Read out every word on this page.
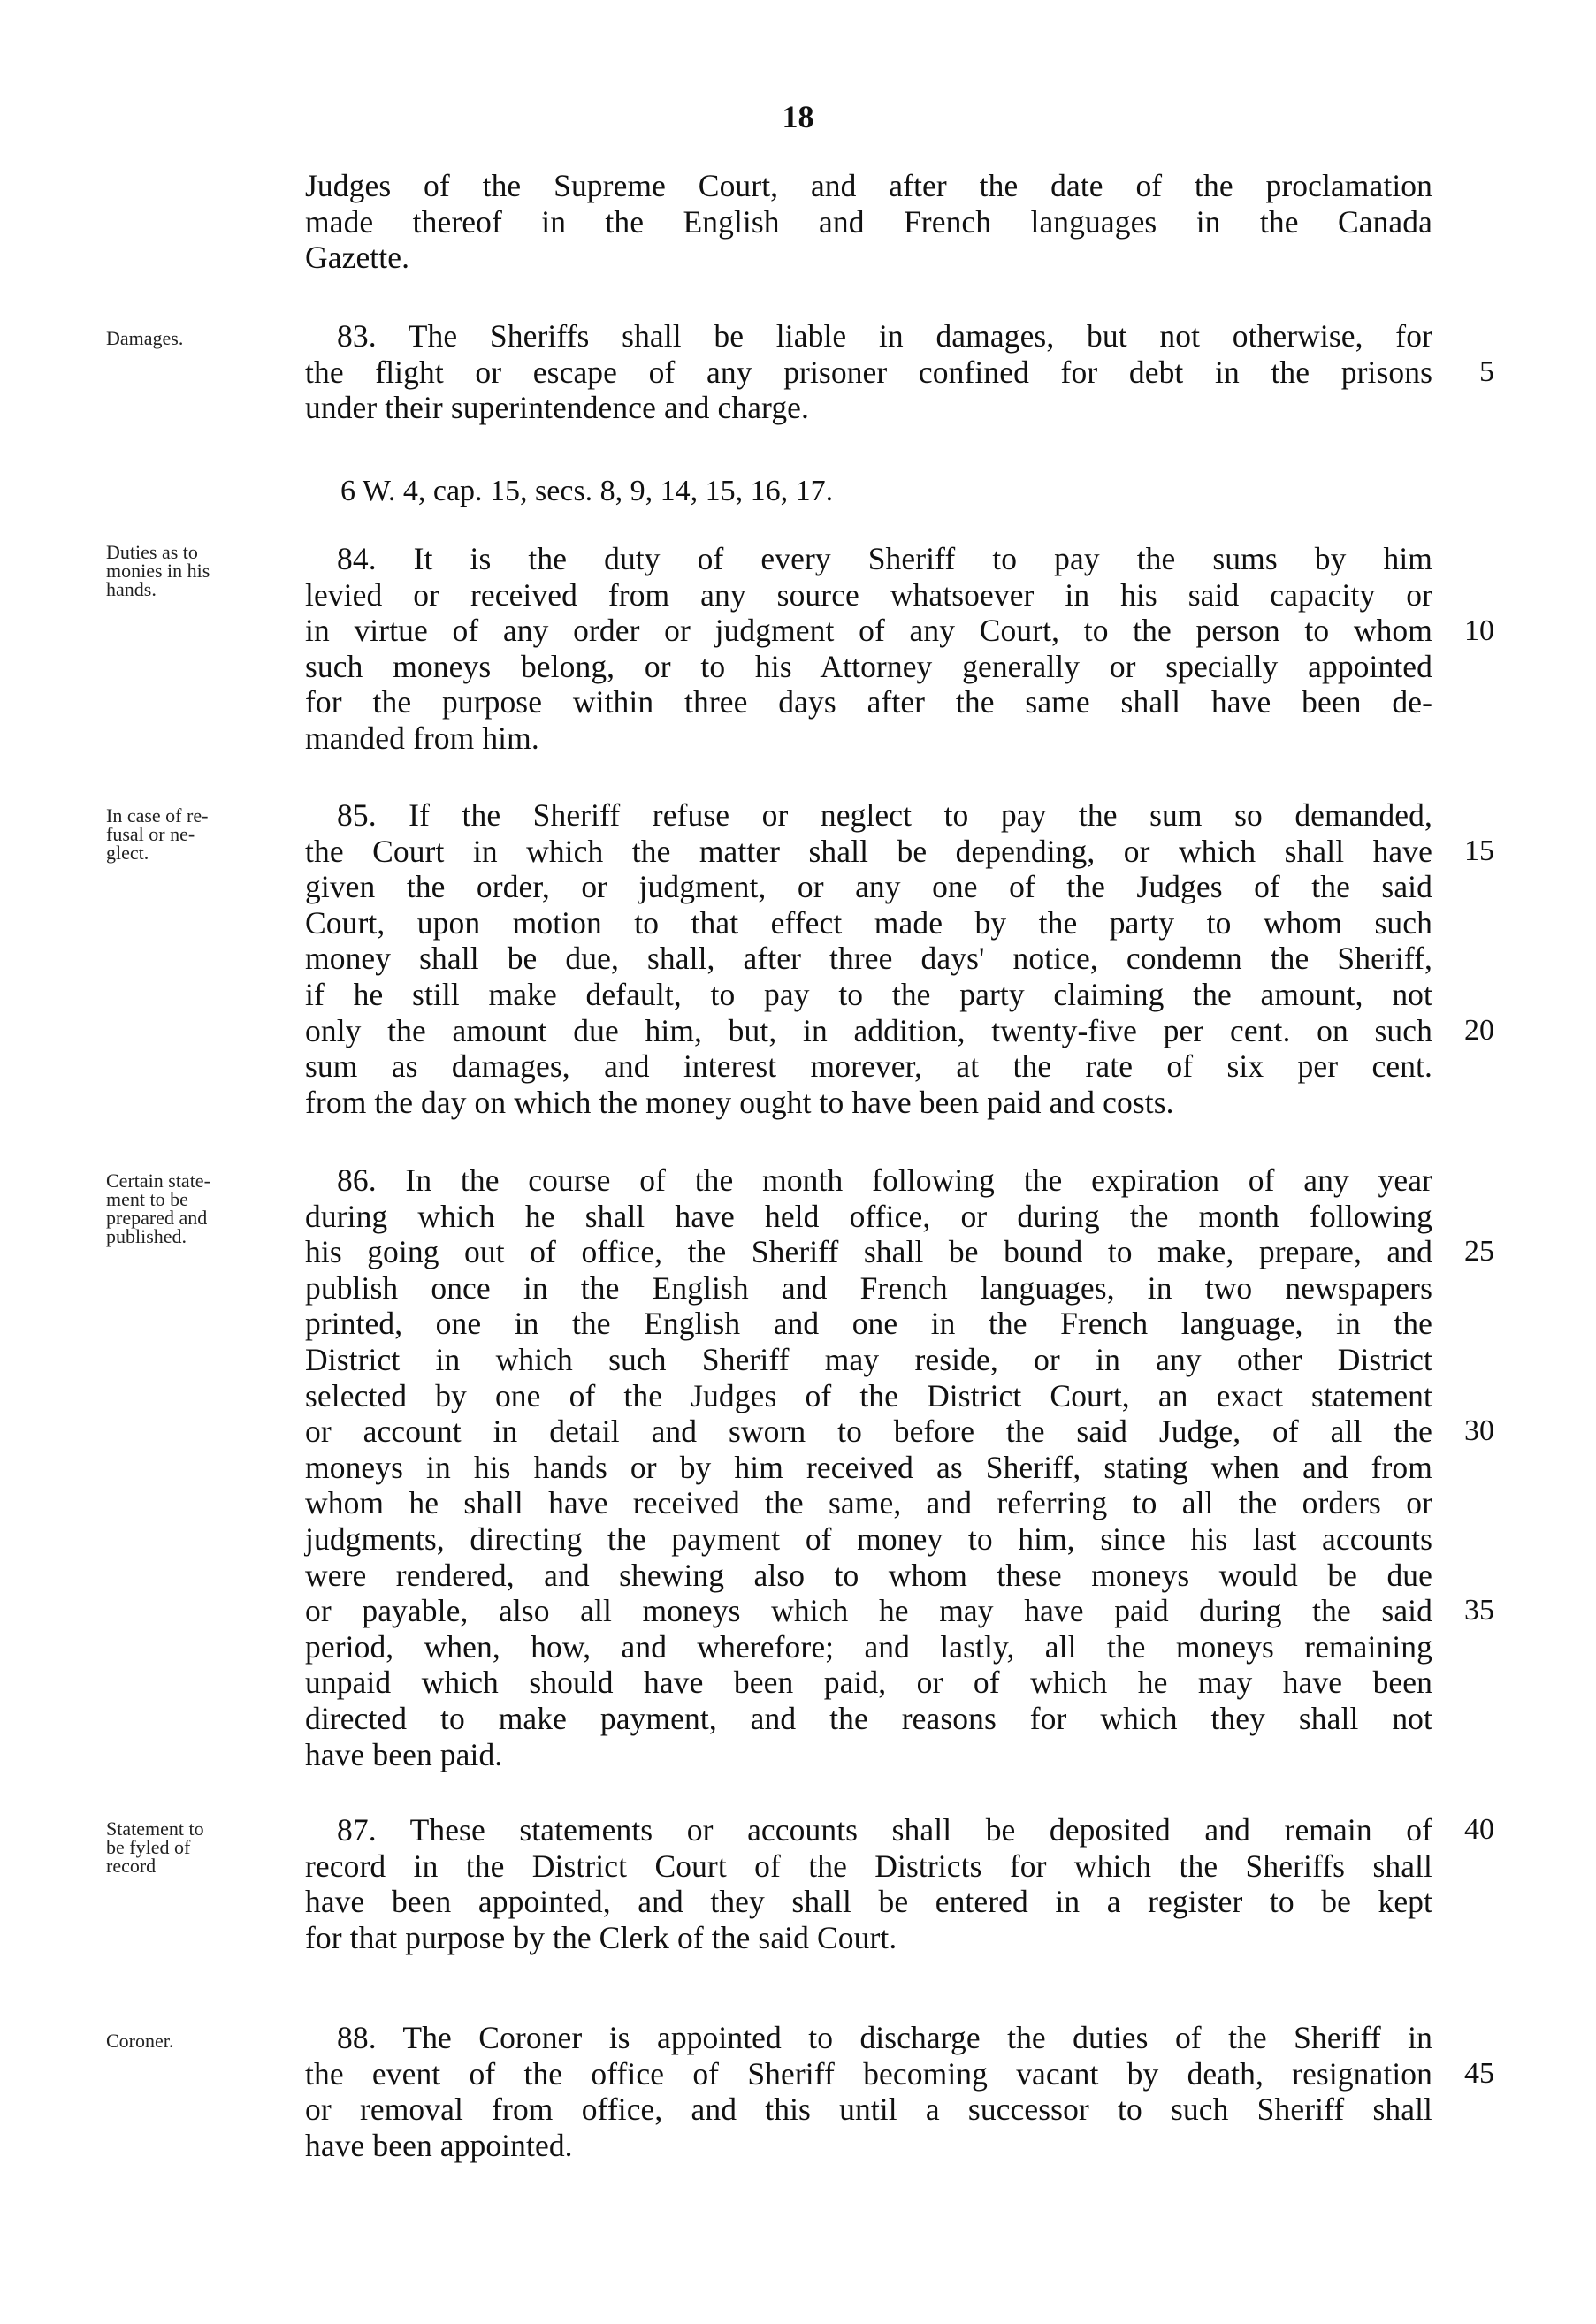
18
Judges of the Supreme Court, and after the date of the proclamation
made thereof in the English and French languages in the Canada
Gazette.
Damages.	83. The Sheriffs shall be liable in damages, but not otherwise, for
the flight or escape of any prisoner confined for debt in the prisons
under their superintendence and charge.
6 W. 4, cap. 15, secs. 8, 9, 14, 15, 16, 17.
Duties as to
monies in his
hands.
84. It is the duty of every Sheriff to pay the sums by him
levied or received from any source whatsoever in his said capacity or
in virtue of any order or judgment of any Court, to the person to whom
such moneys belong, or to his Attorney generally or specially appointed
for the purpose within three days after the same shall have been de-
manded from him.
In case of re-
fusal or ne-
glect.
85. If the Sheriff refuse or neglect to pay the sum so demanded,
the Court in which the matter shall be depending, or which shall have
given the order, or judgment, or any one of the Judges of the said
Court, upon motion to that effect made by the party to whom such
money shall be due, shall, after three days' notice, condemn the Sheriff,
if he still make default, to pay to the party claiming the amount, not
only the amount due him, but, in addition, twenty-five per cent. on such
sum as damages, and interest morever, at the rate of six per cent.
from the day on which the money ought to have been paid and costs.
Certain state-
ment to be
prepared and
published.
86. In the course of the month following the expiration of any year
during which he shall have held office, or during the month following
his going out of office, the Sheriff shall be bound to make, prepare, and
publish once in the English and French languages, in two newspapers
printed, one in the English and one in the French language, in the
District in which such Sheriff may reside, or in any other District
selected by one of the Judges of the District Court, an exact statement
or account in detail and sworn to before the said Judge, of all the
moneys in his hands or by him received as Sheriff, stating when and from
whom he shall have received the same, and referring to all the orders or
judgments, directing the payment of money to him, since his last accounts
were rendered, and shewing also to whom these moneys would be due
or payable, also all moneys which he may have paid during the said
period, when, how, and wherefore; and lastly, all the moneys remaining
unpaid which should have been paid, or of which he may have been
directed to make payment, and the reasons for which they shall not
have been paid.
Statement to
be fyled of
record
87. These statements or accounts shall be deposited and remain of
record in the District Court of the Districts for which the Sheriffs shall
have been appointed, and they shall be entered in a register to be kept
for that purpose by the Clerk of the said Court.
Coroner.	88. The Coroner is appointed to discharge the duties of the Sheriff in
the event of the office of Sheriff becoming vacant by death, resignation
or removal from office, and this until a successor to such Sheriff shall
have been appointed.
5
10
15
20
25
30
35
40
45
